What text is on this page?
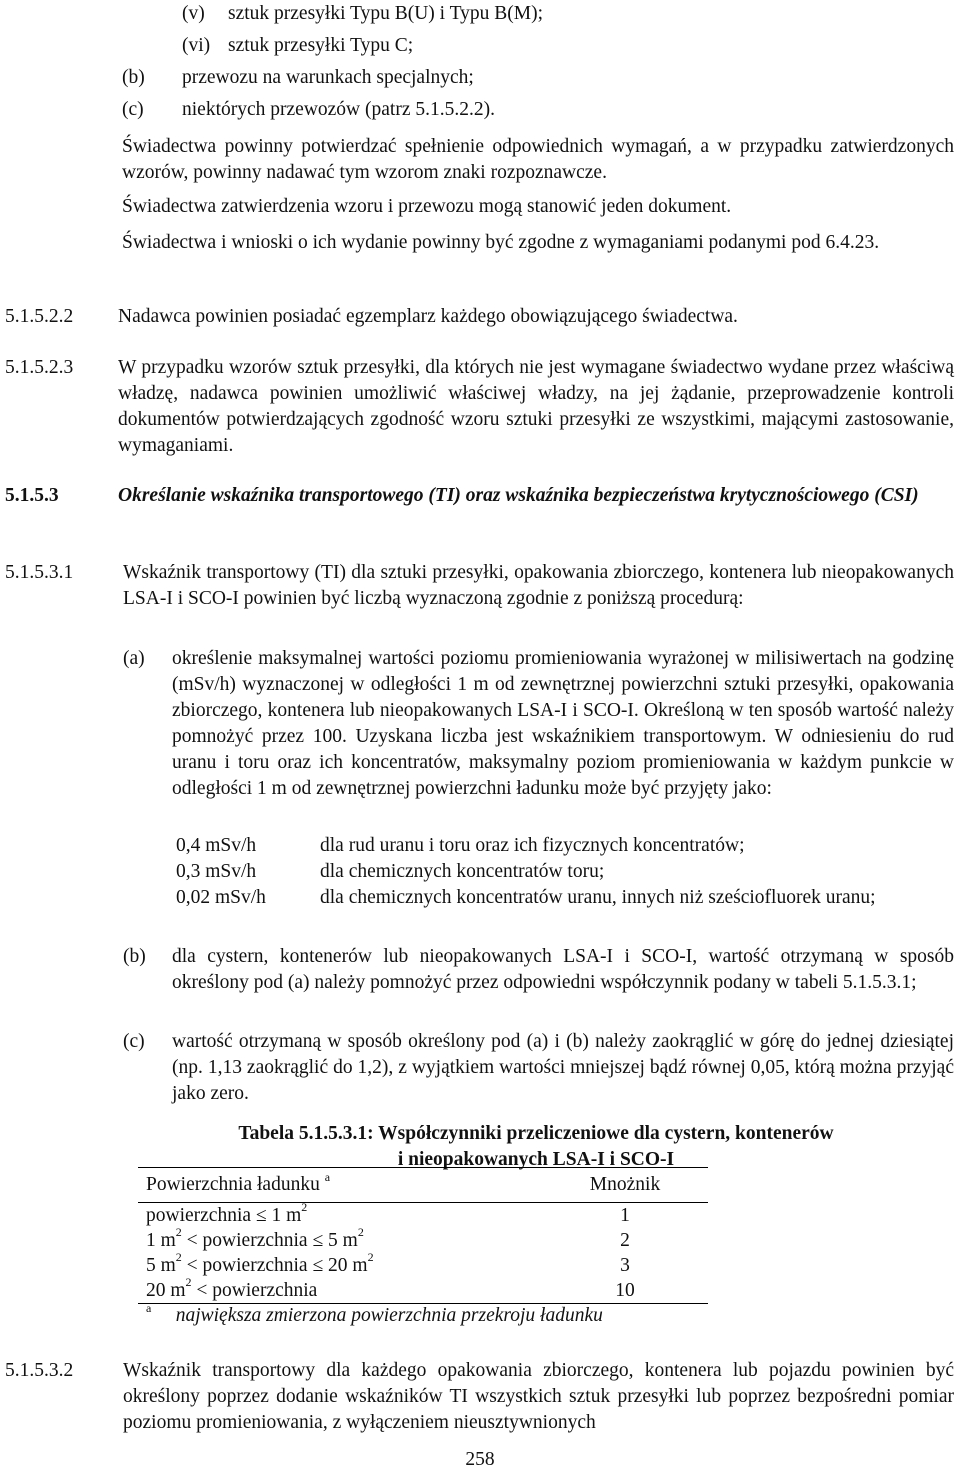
(v) sztuk przesyłki Typu B(U) i Typu B(M);
(vi) sztuk przesyłki Typu C;
(b) przewozu na warunkach specjalnych;
(c) niektórych przewozów (patrz 5.1.5.2.2).
Świadectwa powinny potwierdzać spełnienie odpowiednich wymagań, a w przypadku zatwierdzonych wzorów, powinny nadawać tym wzorom znaki rozpoznawcze.
Świadectwa zatwierdzenia wzoru i przewozu mogą stanowić jeden dokument.
Świadectwa i wnioski o ich wydanie powinny być zgodne z wymaganiami podanymi pod 6.4.23.
5.1.5.2.2 Nadawca powinien posiadać egzemplarz każdego obowiązującego świadectwa.
5.1.5.2.3 W przypadku wzorów sztuk przesyłki, dla których nie jest wymagane świadectwo wydane przez właściwą władzę, nadawca powinien umożliwić właściwej władzy, na jej żądanie, przeprowadzenie kontroli dokumentów potwierdzających zgodność wzoru sztuki przesyłki ze wszystkimi, mającymi zastosowanie, wymaganiami.
5.1.5.3	Określanie wskaźnika transportowego (TI) oraz wskaźnika bezpieczeństwa krytycznościowego (CSI)
5.1.5.3.1	Wskaźnik transportowy (TI) dla sztuki przesyłki, opakowania zbiorczego, kontenera lub nieopakowanych LSA-I i SCO-I powinien być liczbą wyznaczoną zgodnie z poniższą procedurą:
(a) określenie maksymalnej wartości poziomu promieniowania wyrażonej w milisiwertach na godzinę (mSv/h) wyznaczonej w odległości 1 m od zewnętrznej powierzchni sztuki przesyłki, opakowania zbiorczego, kontenera lub nieopakowanych LSA-I i SCO-I. Określoną w ten sposób wartość należy pomnożyć przez 100. Uzyskana liczba jest wskaźnikiem transportowym. W odniesieniu do rud uranu i toru oraz ich koncentratów, maksymalny poziom promieniowania w każdym punkcie w odległości 1 m od zewnętrznej powierzchni ładunku może być przyjęty jako:
0,4 mSv/h	dla rud uranu i toru oraz ich fizycznych koncentratów;
0,3 mSv/h	dla chemicznych koncentratów toru;
0,02 mSv/h	dla chemicznych koncentratów uranu, innych niż sześciofluorek uranu;
(b) dla cystern, kontenerów lub nieopakowanych LSA-I i SCO-I, wartość otrzymaną w sposób określony pod (a) należy pomnożyć przez odpowiedni współczynnik podany w tabeli 5.1.5.3.1;
(c) wartość otrzymaną w sposób określony pod (a) i (b) należy zaokrąglić w górę do jednej dziesiątej (np. 1,13 zaokrąglić do 1,2), z wyjątkiem wartości mniejszej bądź równej 0,05, którą można przyjąć jako zero.
Tabela 5.1.5.3.1: Współczynniki przeliczeniowe dla cystern, kontenerów
i nieopakowanych LSA-I i SCO-I
Powierzchnia ładunku $^a$	Mnożnik
powierzchnia ≤ 1 $m^2$	1
1 $m^2$ < powierzchnia ≤ 5 $m^2$	2
5 $m^2$ < powierzchnia ≤ 20 $m^2$	3
20 $m^2$ < powierzchnia	10
$^a$ największa zmierzona powierzchnia przekroju ładunku	
5.1.5.3.2	Wskaźnik transportowy dla każdego opakowania zbiorczego, kontenera lub pojazdu powinien być określony poprzez dodanie wskaźników TI wszystkich sztuk przesyłki lub poprzez bezpośredni pomiar poziomu promieniowania, z wyłączeniem nieusztywnionych
258
